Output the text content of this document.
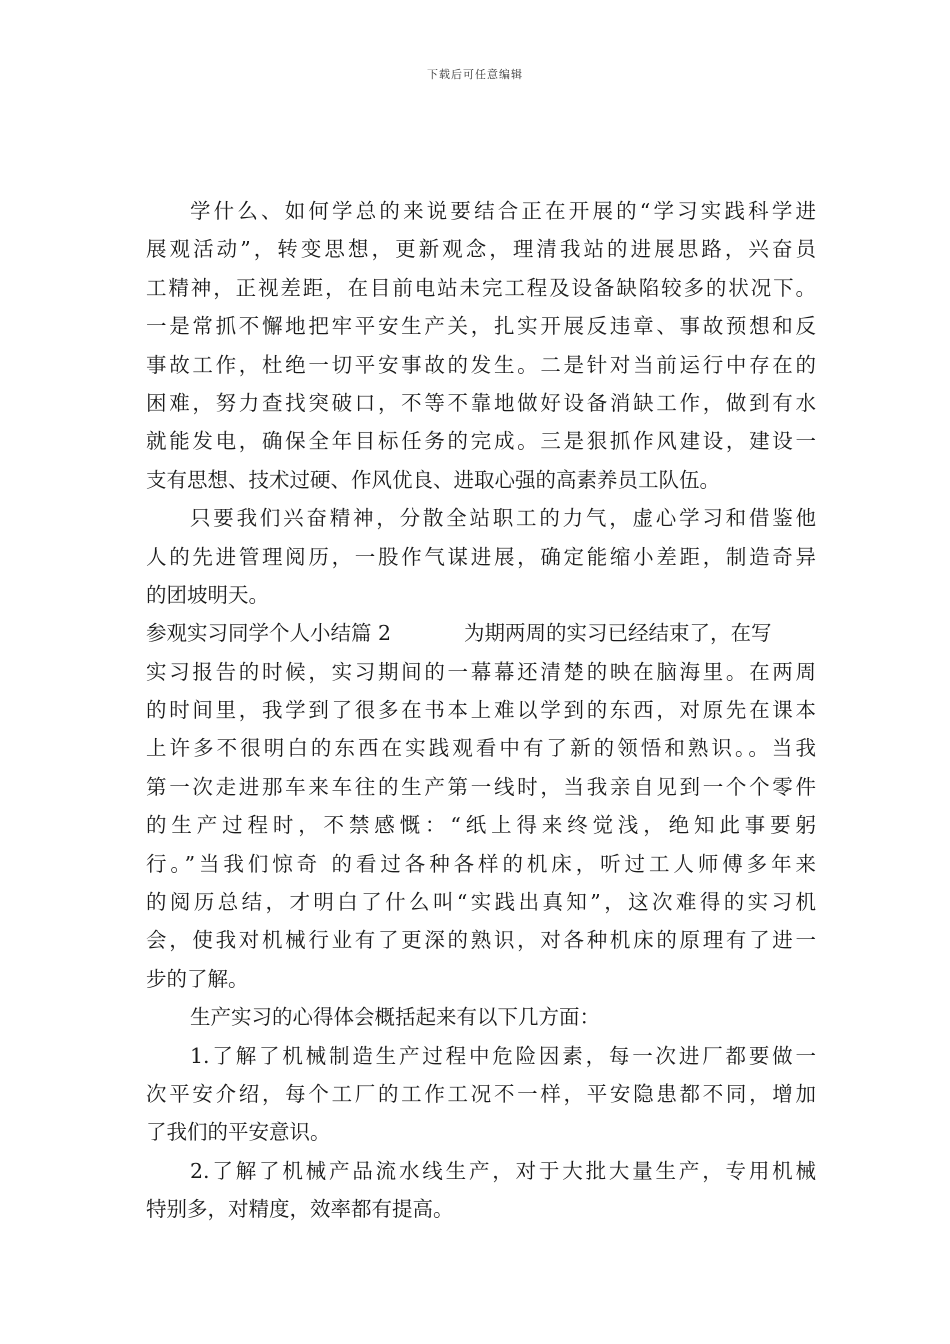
下载后可任意编辑
学什么、如何学总的来说要结合正在开展的“学习实践科学进
展观活动”，转变思想，更新观念，理清我站的进展思路，兴奋员
工精神，正视差距，在目前电站未完工程及设备缺陷较多的状况下。
一是常抓不懈地把牢平安生产关，扎实开展反违章、事故预想和反
事故工作，杜绝一切平安事故的发生。二是针对当前运行中存在的
困难，努力查找突破口，不等不靠地做好设备消缺工作，做到有水
就能发电，确保全年目标任务的完成。三是狠抓作风建设，建设一
支有思想、技术过硬、作风优良、进取心强的高素养员工队伍。
只要我们兴奋精神，分散全站职工的力气，虚心学习和借鉴他
人的先进管理阅历，一股作气谋进展，确定能缩小差距，制造奇异
的团坡明天。
参观实习同学个人小结篇 2	为期两周的实习已经结束了，在写
实习报告的时候，实习期间的一幕幕还清楚的映在脑海里。在两周
的时间里，我学到了很多在书本上难以学到的东西，对原先在课本
上许多不很明白的东西在实践观看中有了新的领悟和熟识。。当我
第一次走进那车来车往的生产第一线时，当我亲自见到一个个零件
的生产过程时，不禁感慨：“纸上得来终觉浅，绝知此事要躬
行。”当我们惊奇 的看过各种各样的机床，听过工人师傅多年来
的阅历总结，才明白了什么叫“实践出真知”，这次难得的实习机
会，使我对机械行业有了更深的熟识，对各种机床的原理有了进一
步的了解。
生产实习的心得体会概括起来有以下几方面：
1.了解了机械制造生产过程中危险因素，每一次进厂都要做一
次平安介绍，每个工厂的工作工况不一样，平安隐患都不同，增加
了我们的平安意识。
2.了解了机械产品流水线生产，对于大批大量生产，专用机械
特别多，对精度，效率都有提高。
